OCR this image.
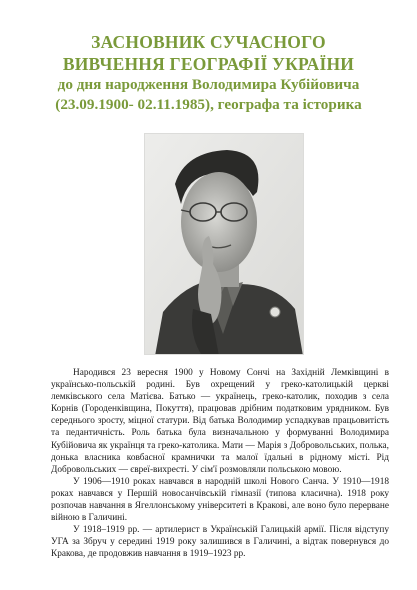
ЗАСНОВНИК СУЧАСНОГО
ВИВЧЕННЯ ГЕОГРАФІЇ УКРАЇНИ
до дня народження Володимира Кубійовича
(23.09.1900- 02.11.1985), географа та історика

Народився 23 вересня 1900 у Новому Сончі на Західній Лемківщині в українсько-польській родині. Був охрещений у греко-католицькій церкві лемківського села Матієва. Батько — українець, греко-католик, походив з села Корнів (Городенківщина, Покуття), працював дрібним податковим урядником. Був середнього зросту, міцної статури. Від батька Володимир успадкував працьовитість та педантичність. Роль батька була визначальною у формуванні Володимира Кубійовича як українця та греко-католика. Мати — Марія з Добровольських, полька, донька власника ковбасної крамнички та малої їдальні в рідному місті. Рід Добровольських — євреї-вихресті. У сім'ї розмовляли польською мовою.

У 1906—1910 роках навчався в народній школі Нового Санча. У 1910—1918 роках навчався у Першій новосанчівській гімназії (типова класична). 1918 року розпочав навчання в Ягеллонському університеті в Кракові, але воно було перерване війною в Галичині.

У 1918–1919 рр. — артилерист в Українській Галицькій армії. Після відступу УГА за Збруч у середині 1919 року залишився в Галичині, а відтак повернувся до Кракова, де продовжив навчання в 1919–1923 рр.
